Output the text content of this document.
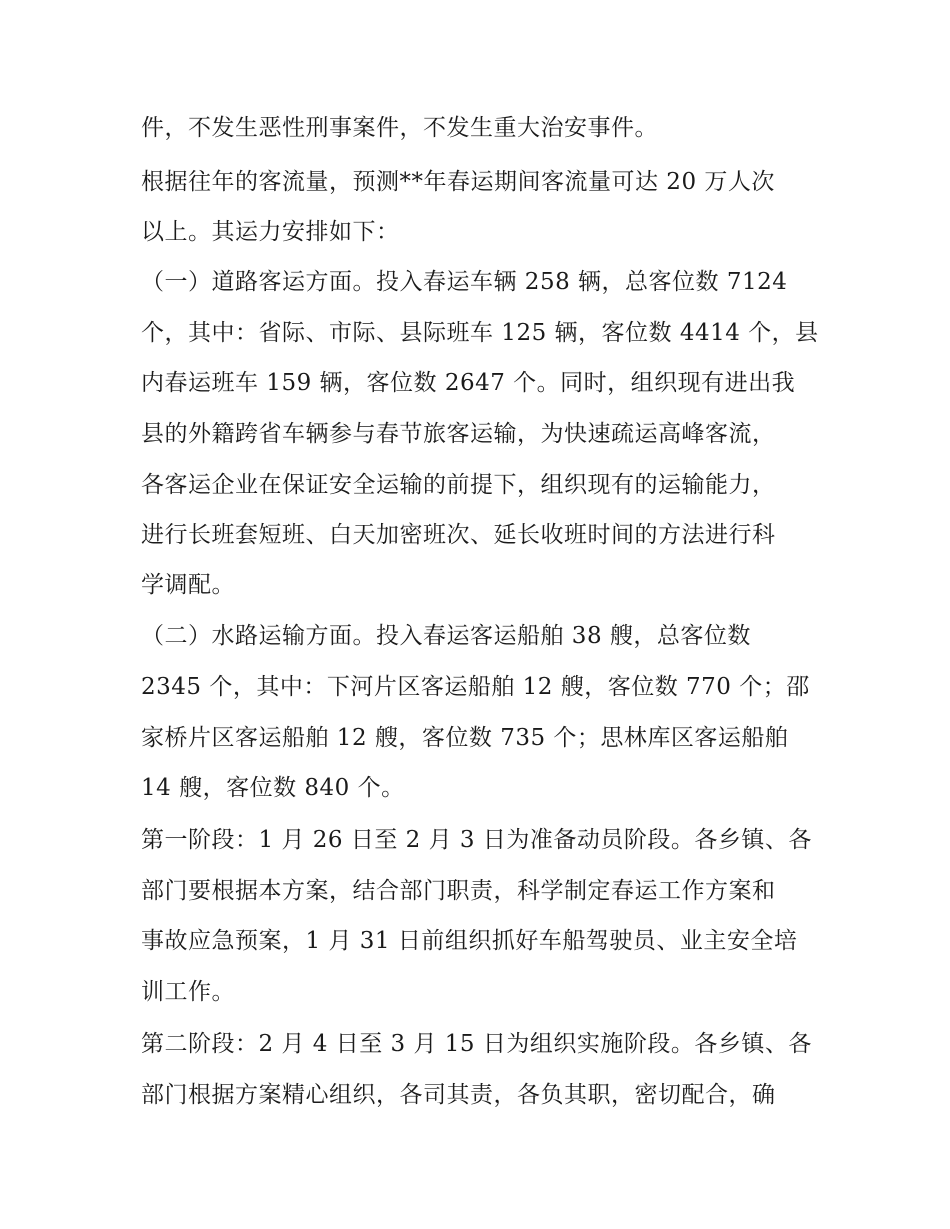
件，不发生恶性刑事案件，不发生重大治安事件。
根据往年的客流量，预测**年春运期间客流量可达 20 万人次
以上。其运力安排如下：
（一）道路客运方面。投入春运车辆 258 辆，总客位数 7124
个，其中：省际、市际、县际班车 125 辆，客位数 4414 个，县
内春运班车 159 辆，客位数 2647 个。同时，组织现有进出我
县的外籍跨省车辆参与春节旅客运输，为快速疏运高峰客流，
各客运企业在保证安全运输的前提下，组织现有的运输能力，
进行长班套短班、白天加密班次、延长收班时间的方法进行科
学调配。
（二）水路运输方面。投入春运客运船舶 38 艘，总客位数
2345 个，其中：下河片区客运船舶 12 艘，客位数 770 个；邵
家桥片区客运船舶 12 艘，客位数 735 个；思林库区客运船舶
14 艘，客位数 840 个。
第一阶段：1 月 26 日至 2 月 3 日为准备动员阶段。各乡镇、各
部门要根据本方案，结合部门职责，科学制定春运工作方案和
事故应急预案，1 月 31 日前组织抓好车船驾驶员、业主安全培
训工作。
第二阶段：2 月 4 日至 3 月 15 日为组织实施阶段。各乡镇、各
部门根据方案精心组织，各司其责，各负其职，密切配合，确
